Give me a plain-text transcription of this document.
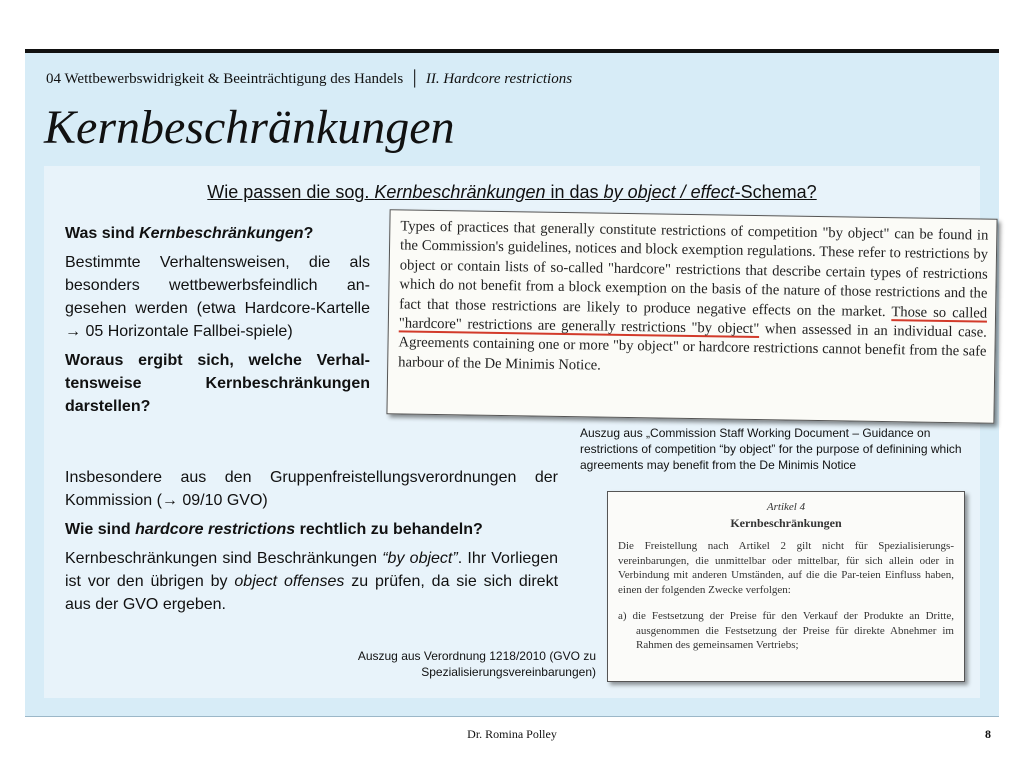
04 Wettbewerbswidrigkeit & Beeinträchtigung des Handels │ II. Hardcore restrictions
Kernbeschränkungen
Wie passen die sog. Kernbeschränkungen in das by object / effect-Schema?

Was sind Kernbeschränkungen?

Bestimmte Verhaltensweisen, die als besonders wettbewerbsfeindlich an-gesehen werden (etwa Hardcore-Kartelle → 05 Horizontale Fallbei-spiele)

Woraus ergibt sich, welche Verhal-tensweise Kernbeschränkungen darstellen?

Insbesondere aus den Gruppenfreistellungsverordnungen der Kommission (→ 09/10 GVO)

Wie sind hardcore restrictions rechtlich zu behandeln?

Kernbeschränkungen sind Beschränkungen “by object”. Ihr Vorliegen ist vor den übrigen by object offenses zu prüfen, da sie sich direkt aus der GVO ergeben.

Types of practices that generally constitute restrictions of competition "by object" can be found in the Commission's guidelines, notices and block exemption regulations. These refer to restrictions by object or contain lists of so-called "hardcore" restrictions that describe certain types of restrictions which do not benefit from a block exemption on the basis of the nature of those restrictions and the fact that those restrictions are likely to produce negative effects on the market. Those so called "hardcore" restrictions are generally restrictions "by object" when assessed in an individual case. Agreements containing one or more "by object" or hardcore restrictions cannot benefit from the safe harbour of the De Minimis Notice.
Auszug aus „Commission Staff Working Document – Guidance on restrictions of competition “by object” for the purpose of definining which agreements may benefit from the De Minimis Notice
Artikel 4
Kernbeschränkungen
Die Freistellung nach Artikel 2 gilt nicht für Spezialisierungs-vereinbarungen, die unmittelbar oder mittelbar, für sich allein oder in Verbindung mit anderen Umständen, auf die die Par-teien Einfluss haben, einen der folgenden Zwecke verfolgen:
a) die Festsetzung der Preise für den Verkauf der Produkte an Dritte, ausgenommen die Festsetzung der Preise für direkte Abnehmer im Rahmen des gemeinsamen Vertriebs;
Auszug aus Verordnung 1218/2010 (GVO zu Spezialisierungsvereinbarungen)
Dr. Romina Polley	8
